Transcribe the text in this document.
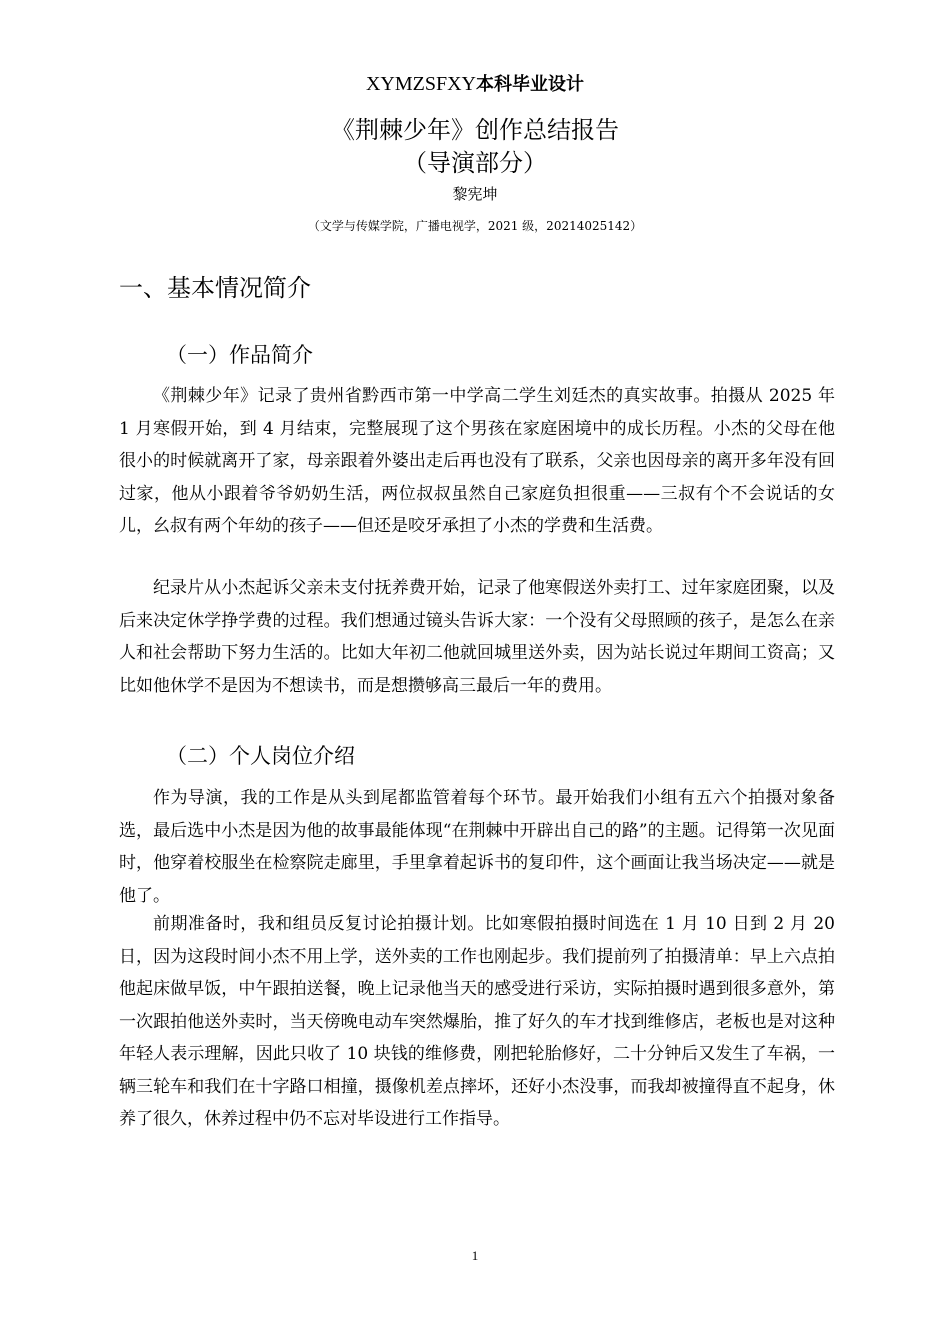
XYMZSFXY本科毕业设计
《荆棘少年》创作总结报告
（导演部分）
黎宪坤
（文学与传媒学院，广播电视学，2021 级，20214025142）
一、基本情况简介
（一）作品简介

《荆棘少年》记录了贵州省黔西市第一中学高二学生刘廷杰的真实故事。拍摄从 2025 年 1 月寒假开始，到 4 月结束，完整展现了这个男孩在家庭困境中的成长历程。小杰的父母在他很小的时候就离开了家，母亲跟着外婆出走后再也没有了联系，父亲也因母亲的离开多年没有回过家，他从小跟着爷爷奶奶生活，两位叔叔虽然自己家庭负担很重——三叔有个不会说话的女儿，幺叔有两个年幼的孩子——但还是咬牙承担了小杰的学费和生活费。

纪录片从小杰起诉父亲未支付抚养费开始，记录了他寒假送外卖打工、过年家庭团聚，以及后来决定休学挣学费的过程。我们想通过镜头告诉大家：一个没有父母照顾的孩子，是怎么在亲人和社会帮助下努力生活的。比如大年初二他就回城里送外卖，因为站长说过年期间工资高；又比如他休学不是因为不想读书，而是想攒够高三最后一年的费用。

（二）个人岗位介绍

作为导演，我的工作是从头到尾都监管着每个环节。最开始我们小组有五六个拍摄对象备选，最后选中小杰是因为他的故事最能体现“在荆棘中开辟出自己的路”的主题。记得第一次见面时，他穿着校服坐在检察院走廊里，手里拿着起诉书的复印件，这个画面让我当场决定——就是他了。

前期准备时，我和组员反复讨论拍摄计划。比如寒假拍摄时间选在 1 月 10 日到 2 月 20 日，因为这段时间小杰不用上学，送外卖的工作也刚起步。我们提前列了拍摄清单：早上六点拍他起床做早饭，中午跟拍送餐，晚上记录他当天的感受进行采访，实际拍摄时遇到很多意外，第一次跟拍他送外卖时，当天傍晚电动车突然爆胎，推了好久的车才找到维修店，老板也是对这种年轻人表示理解，因此只收了 10 块钱的维修费，刚把轮胎修好，二十分钟后又发生了车祸，一辆三轮车和我们在十字路口相撞，摄像机差点摔坏，还好小杰没事，而我却被撞得直不起身，休养了很久，休养过程中仍不忘对毕设进行工作指导。

1
